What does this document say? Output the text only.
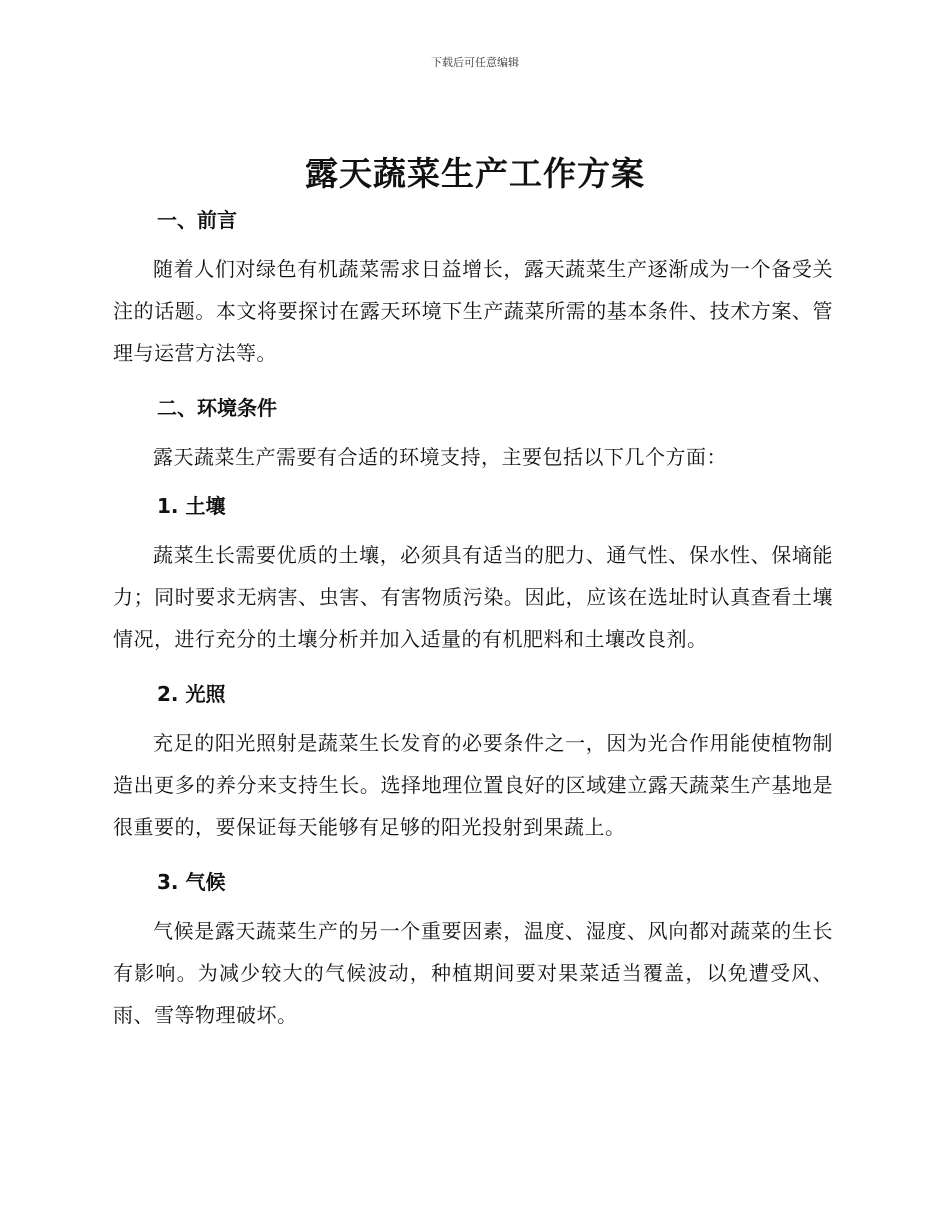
下载后可任意编辑
露天蔬菜生产工作方案

一、前言

随着人们对绿色有机蔬菜需求日益增长，露天蔬菜生产逐渐成为一个备受关注的话题。本文将要探讨在露天环境下生产蔬菜所需的基本条件、技术方案、管理与运营方法等。

二、环境条件

露天蔬菜生产需要有合适的环境支持，主要包括以下几个方面：

1. 土壤

蔬菜生长需要优质的土壤，必须具有适当的肥力、通气性、保水性、保墒能力；同时要求无病害、虫害、有害物质污染。因此，应该在选址时认真查看土壤情况，进行充分的土壤分析并加入适量的有机肥料和土壤改良剂。

2. 光照

充足的阳光照射是蔬菜生长发育的必要条件之一，因为光合作用能使植物制造出更多的养分来支持生长。选择地理位置良好的区域建立露天蔬菜生产基地是很重要的，要保证每天能够有足够的阳光投射到果蔬上。

3. 气候

气候是露天蔬菜生产的另一个重要因素，温度、湿度、风向都对蔬菜的生长有影响。为减少较大的气候波动，种植期间要对果菜适当覆盖，以免遭受风、雨、雪等物理破坏。
